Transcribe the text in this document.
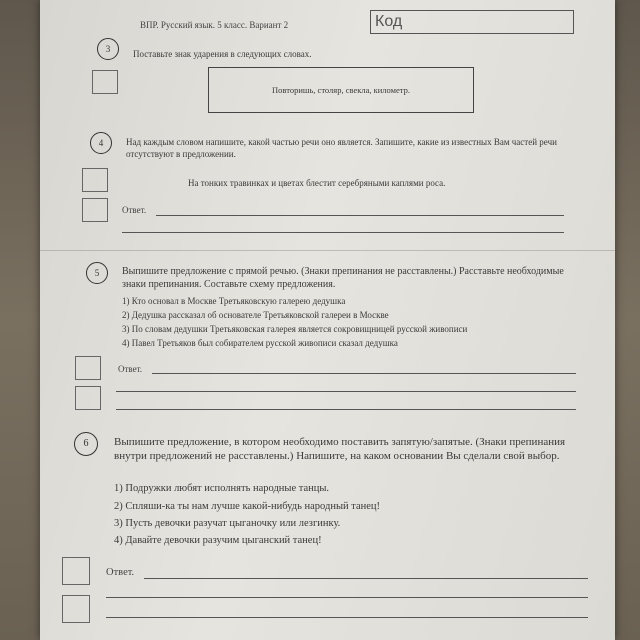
ВПР. Русский язык. 5 класс. Вариант 2	Код
3	Поставьте знак ударения в следующих словах.
Повторишь, столяр, свекла, километр.
4	Над каждым словом напишите, какой частью речи оно является. Запишите, какие из известных Вам частей речи отсутствуют в предложении.
На тонких травинках и цветах блестит серебряными каплями роса.
Ответ.
5	Выпишите предложение с прямой речью. (Знаки препинания не расставлены.) Расставьте необходимые знаки препинания. Составьте схему предложения.
1) Кто основал в Москве Третьяковскую галерею дедушка
2) Дедушка рассказал об основателе Третьяковской галереи в Москве
3) По словам дедушки Третьяковская галерея является сокровищницей русской живописи
4) Павел Третьяков был собирателем русской живописи сказал дедушка
Ответ.
6	Выпишите предложение, в котором необходимо поставить запятую/запятые. (Знаки препинания внутри предложений не расставлены.) Напишите, на каком основании Вы сделали свой выбор.
1) Подружки любят исполнять народные танцы.
2) Спляши-ка ты нам лучше какой-нибудь народный танец!
3) Пусть девочки разучат цыганочку или лезгинку.
4) Давайте девочки разучим цыганский танец!
Ответ.
